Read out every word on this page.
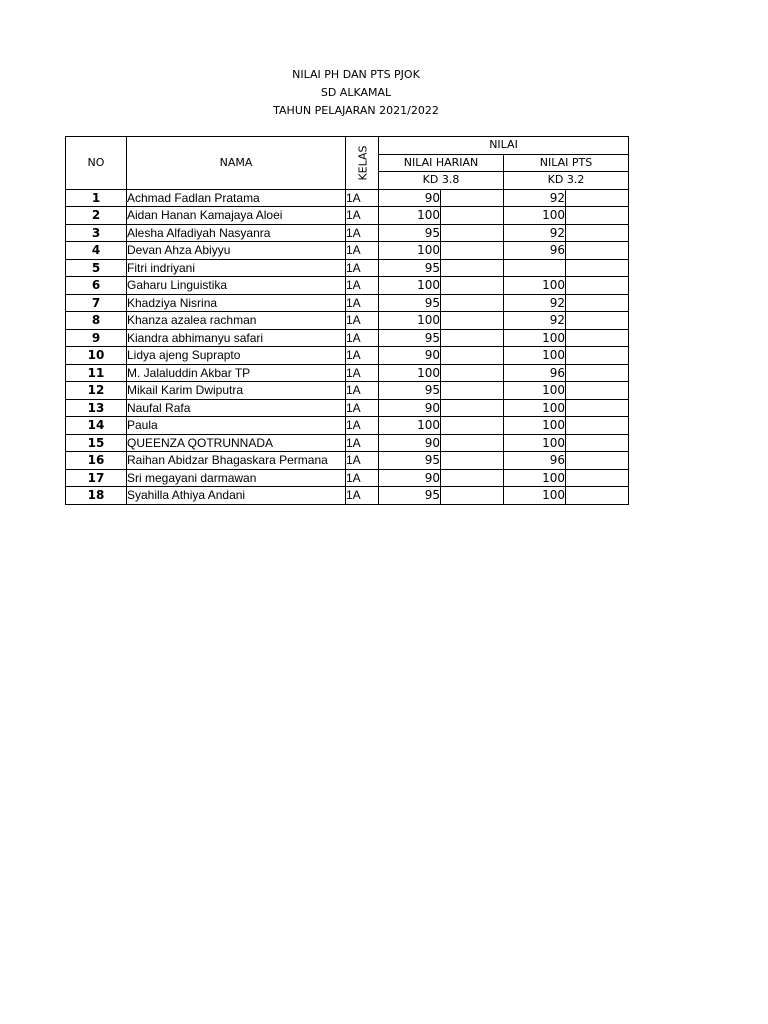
NILAI PH DAN PTS PJOK
SD ALKAMAL
TAHUN PELAJARAN 2021/2022
NO	NAMA	KELAS	NILAI			
			NILAI HARIAN		NILAI PTS	
			KD 3.8		KD 3.2	
1	Achmad Fadlan Pratama	1A	90		92	
2	Aidan Hanan Kamajaya Aloei	1A	100		100	
3	Alesha Alfadiyah Nasyanra	1A	95		92	
4	Devan Ahza Abiyyu	1A	100		96	
5	Fitri indriyani	1A	95			
6	Gaharu Linguistika	1A	100		100	
7	Khadziya Nisrina	1A	95		92	
8	Khanza azalea rachman	1A	100		92	
9	Kiandra abhimanyu safari	1A	95		100	
10	Lidya ajeng Suprapto	1A	90		100	
11	M. Jalaluddin Akbar TP	1A	100		96	
12	Mikail Karim Dwiputra	1A	95		100	
13	Naufal Rafa	1A	90		100	
14	Paula	1A	100		100	
15	QUEENZA QOTRUNNADA	1A	90		100	
16	Raihan Abidzar Bhagaskara Permana	1A	95		96	
17	Sri megayani darmawan	1A	90		100	
18	Syahilla Athiya Andani	1A	95		100	
